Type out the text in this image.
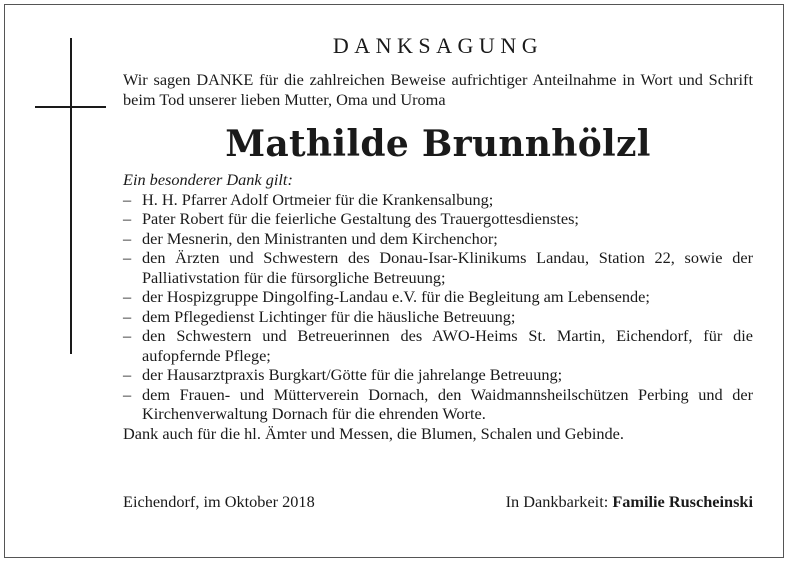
DANKSAGUNG
Wir sagen DANKE für die zahlreichen Beweise aufrichtiger Anteilnahme in Wort und Schrift beim Tod unserer lieben Mutter, Oma und Uroma
Mathilde Brunnhölzl
Ein besonderer Dank gilt:
– H. H. Pfarrer Adolf Ortmeier für die Krankensalbung;
– Pater Robert für die feierliche Gestaltung des Trauergottesdienstes;
– der Mesnerin, den Ministranten und dem Kirchenchor;
– den Ärzten und Schwestern des Donau-Isar-Klinikums Landau, Station 22, sowie der Palliativstation für die fürsorgliche Betreuung;
– der Hospizgruppe Dingolfing-Landau e.V. für die Begleitung am Lebensende;
– dem Pflegedienst Lichtinger für die häusliche Betreuung;
– den Schwestern und Betreuerinnen des AWO-Heims St. Martin, Eichendorf, für die aufopfernde Pflege;
– der Hausarztpraxis Burgkart/Götte für die jahrelange Betreuung;
– dem Frauen- und Mütterverein Dornach, den Waidmannsheilschützen Perbing und der Kirchenverwaltung Dornach für die ehrenden Worte.
Dank auch für die hl. Ämter und Messen, die Blumen, Schalen und Gebinde.
Eichendorf, im Oktober 2018	In Dankbarkeit: Familie Ruscheinski
